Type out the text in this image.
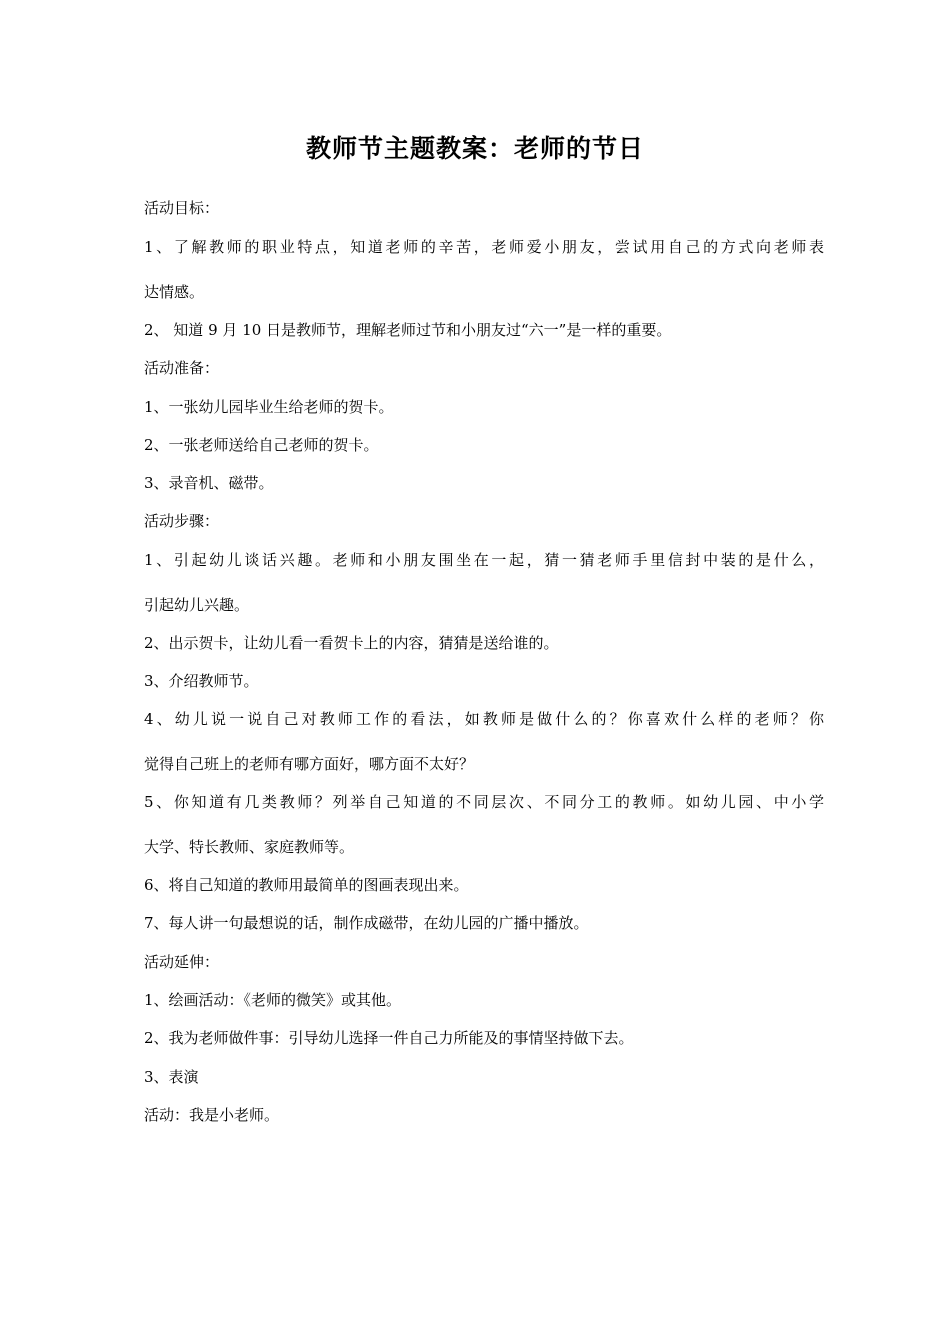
教师节主题教案：老师的节日
活动目标：
1、了解教师的职业特点，知道老师的辛苦，老师爱小朋友，尝试用自己的方式向老师表
达情感。
2、 知道 9 月 10 日是教师节，理解老师过节和小朋友过“六一”是一样的重要。
活动准备：
1、一张幼儿园毕业生给老师的贺卡。
2、一张老师送给自己老师的贺卡。
3、录音机、磁带。
活动步骤：
1、引起幼儿谈话兴趣。老师和小朋友围坐在一起，猜一猜老师手里信封中装的是什么，
引起幼儿兴趣。
2、出示贺卡，让幼儿看一看贺卡上的内容，猜猜是送给谁的。
3、介绍教师节。
4、幼儿说一说自己对教师工作的看法，如教师是做什么的？你喜欢什么样的老师？你
觉得自己班上的老师有哪方面好，哪方面不太好？
5、你知道有几类教师？列举自己知道的不同层次、不同分工的教师。如幼儿园、中小学
大学、特长教师、家庭教师等。
6、将自己知道的教师用最简单的图画表现出来。
7、每人讲一句最想说的话，制作成磁带，在幼儿园的广播中播放。
活动延伸：
1、绘画活动：《老师的微笑》或其他。
2、我为老师做件事：引导幼儿选择一件自己力所能及的事情坚持做下去。
3、表演
活动：我是小老师。
